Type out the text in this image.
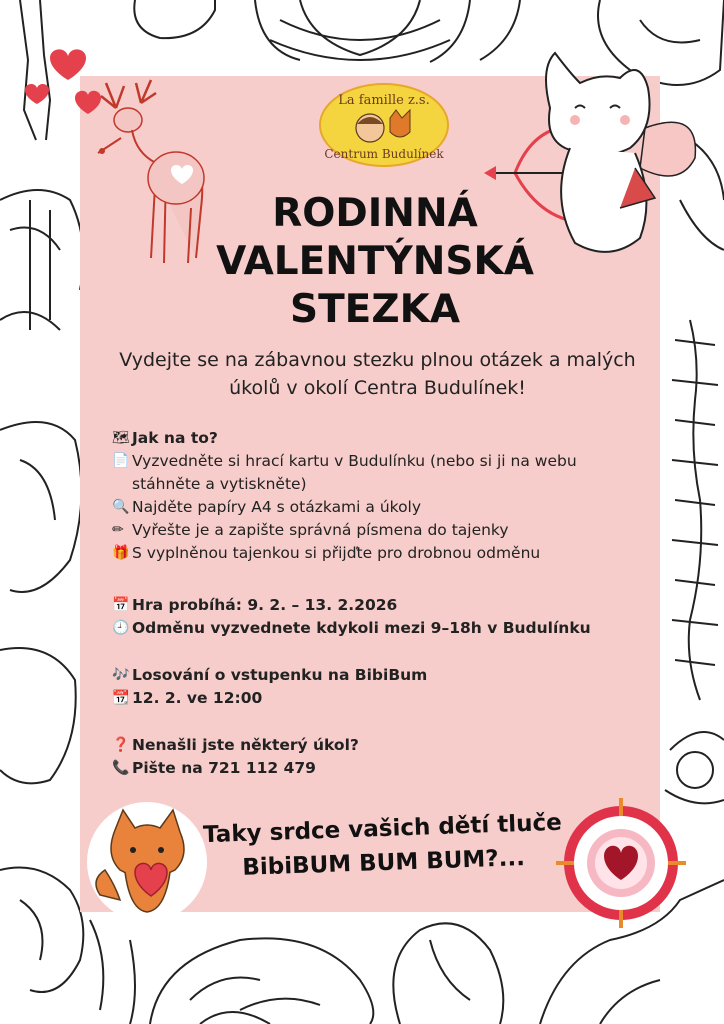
La famille z.s.
Centrum Budulínek
RODINNÁ
VALENTÝNSKÁ
STEZKA

Vydejte se na zábavnou stezku plnou otázek a malých úkolů v okolí Centra Budulínek!

🗺 Jak na to?
📄 Vyzvedněte si hrací kartu v Budulínku (nebo si ji na webu stáhněte a vytiskněte)
🔍 Najděte papíry A4 s otázkami a úkoly
✏ Vyřešte je a zapište správná písmena do tajenky
🎁 S vyplněnou tajenkou si přijďte pro drobnou odměnu
📅 Hra probíhá: 9. 2. – 13. 2.2026
🕘 Odměnu vyzvednete kdykoli mezi 9–18h v Budulínku
🎶 Losování o vstupenku na BibiBum
📆 12. 2. ve 12:00
❓ Nenašli jste některý úkol?
📞 Pište na 721 112 479
Taky srdce vašich dětí tluče
BibiBUM BUM BUM?...
